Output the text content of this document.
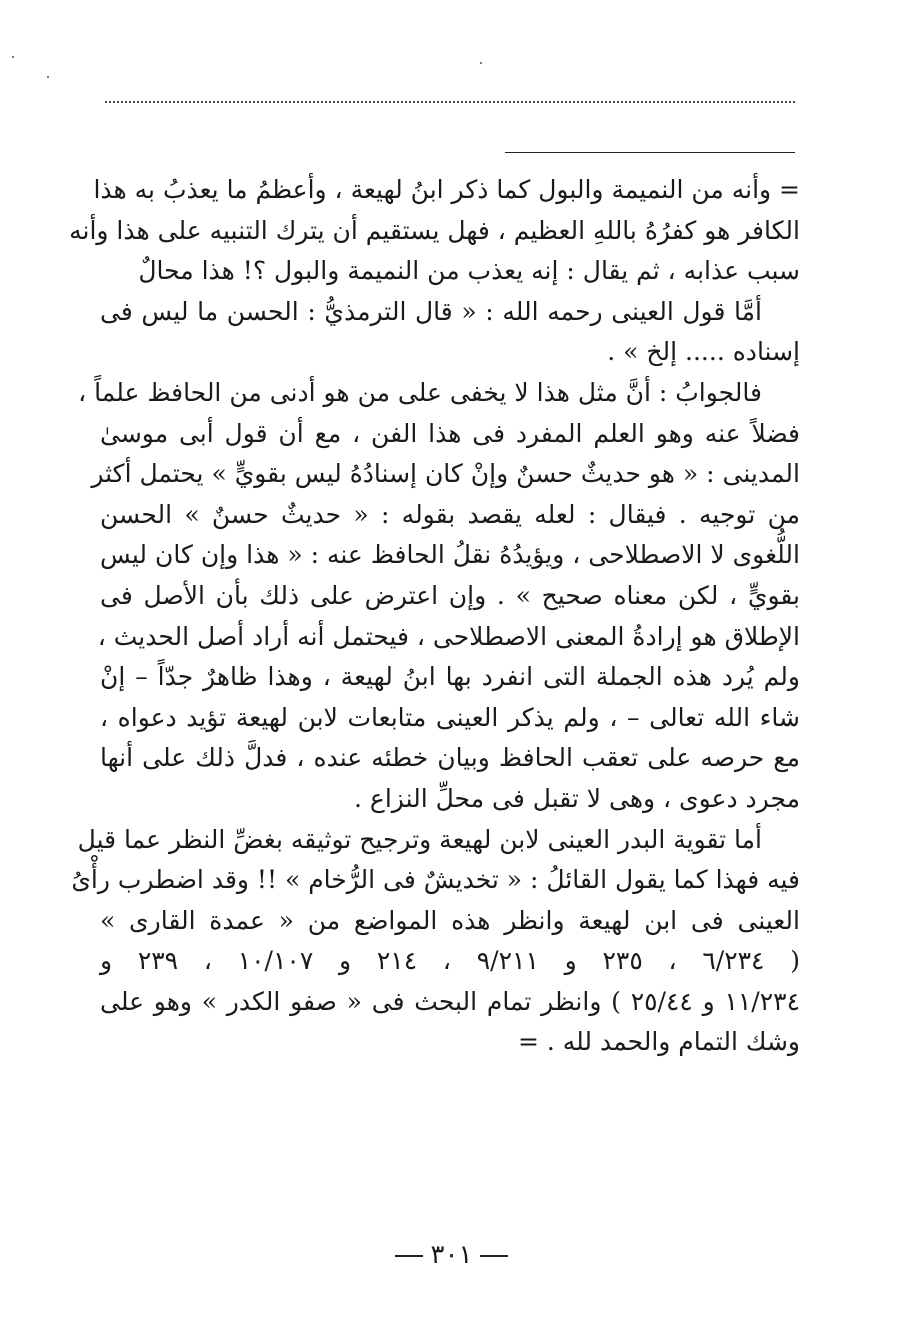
= وأنه من النميمة والبول كما ذكر ابنُ لهيعة ، وأعظمُ ما يعذبُ به هذا
الكافر هو كفرُهُ باللهِ العظيم ، فهل يستقيم أن يترك التنبيه على هذا وأنه
سبب عذابه ، ثم يقال : إنه يعذب من النميمة والبول ؟! هذا محالٌ

أمَّا قول العينى رحمه الله : « قال الترمذيُّ : الحسن ما ليس فى
إسناده ..... إلخ » .

فالجوابُ : أنَّ مثل هذا لا يخفى على من هو أدنى من الحافظ علماً ،
فضلاً عنه وهو العلم المفرد فى هذا الفن ، مع أن قول أبى موسىٰ
المدينى : « هو حديثٌ حسنٌ وإنْ كان إسنادُهُ ليس بقويٍّ » يحتمل أكثر
من توجيه . فيقال : لعله يقصد بقوله : « حديثٌ حسنٌ » الحسن
اللُّغوى لا الاصطلاحى ، ويؤيدُهُ نقلُ الحافظ عنه : « هذا وإن كان ليس
بقويٍّ ، لكن معناه صحيح » . وإن اعترض على ذلك بأن الأصل فى
الإطلاق هو إرادةُ المعنى الاصطلاحى ، فيحتمل أنه أراد أصل الحديث ،
ولم يُرد هذه الجملة التى انفرد بها ابنُ لهيعة ، وهذا ظاهرٌ جدّاً – إنْ
شاء الله تعالى – ، ولم يذكر العينى متابعات لابن لهيعة تؤيد دعواه ،
مع حرصه على تعقب الحافظ وبيان خطئه عنده ، فدلَّ ذلك على أنها
مجرد دعوى ، وهى لا تقبل فى محلِّ النزاع .

أما تقوية البدر العينى لابن لهيعة وترجيح توثيقه بغضِّ النظر عما قيل
فيه فهذا كما يقول القائلُ : « تخديشٌ فى الرُّخام » !! وقد اضطرب رأْىُ
العينى فى ابن لهيعة وانظر هذه المواضع من « عمدة القارى »
( ٦/٢٣٤ ، ٢٣٥ و ٩/٢١١ ، ٢١٤ و ١٠/١٠٧ ، ٢٣٩ و
١١/٢٣٤ و ٢٥/٤٤ ) وانظر تمام البحث فى « صفو الكدر » وهو على
وشك التمام والحمد لله . =

٣٠١
